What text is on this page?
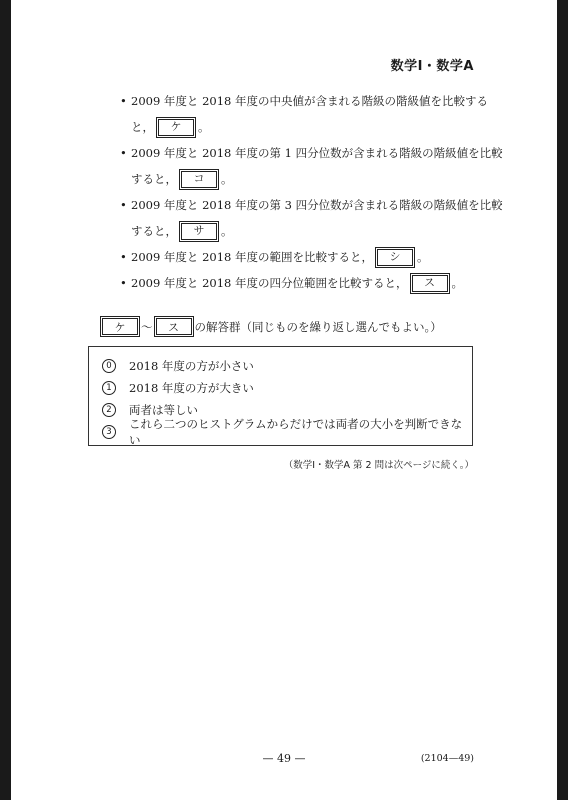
数学Ⅰ・数学A
• 2009 年度と 2018 年度の中央値が含まれる階級の階級値を比較する
と，	ケ	。
• 2009 年度と 2018 年度の第 1 四分位数が含まれる階級の階級値を比較
すると，	コ	。
• 2009 年度と 2018 年度の第 3 四分位数が含まれる階級の階級値を比較
すると，	サ	。
• 2009 年度と 2018 年度の範囲を比較すると，	シ	。
• 2009 年度と 2018 年度の四分位範囲を比較すると，	ス	。
ケ	～	ス	の解答群（同じものを繰り返し選んでもよい。）
0	2018 年度の方が小さい
1	2018 年度の方が大きい
2	両者は等しい
3
これら二つのヒストグラムからだけでは両者の大小を判断できない
（数学Ⅰ・数学A 第 2 問は次ページに続く。）
— 49 —	(2104—49)
